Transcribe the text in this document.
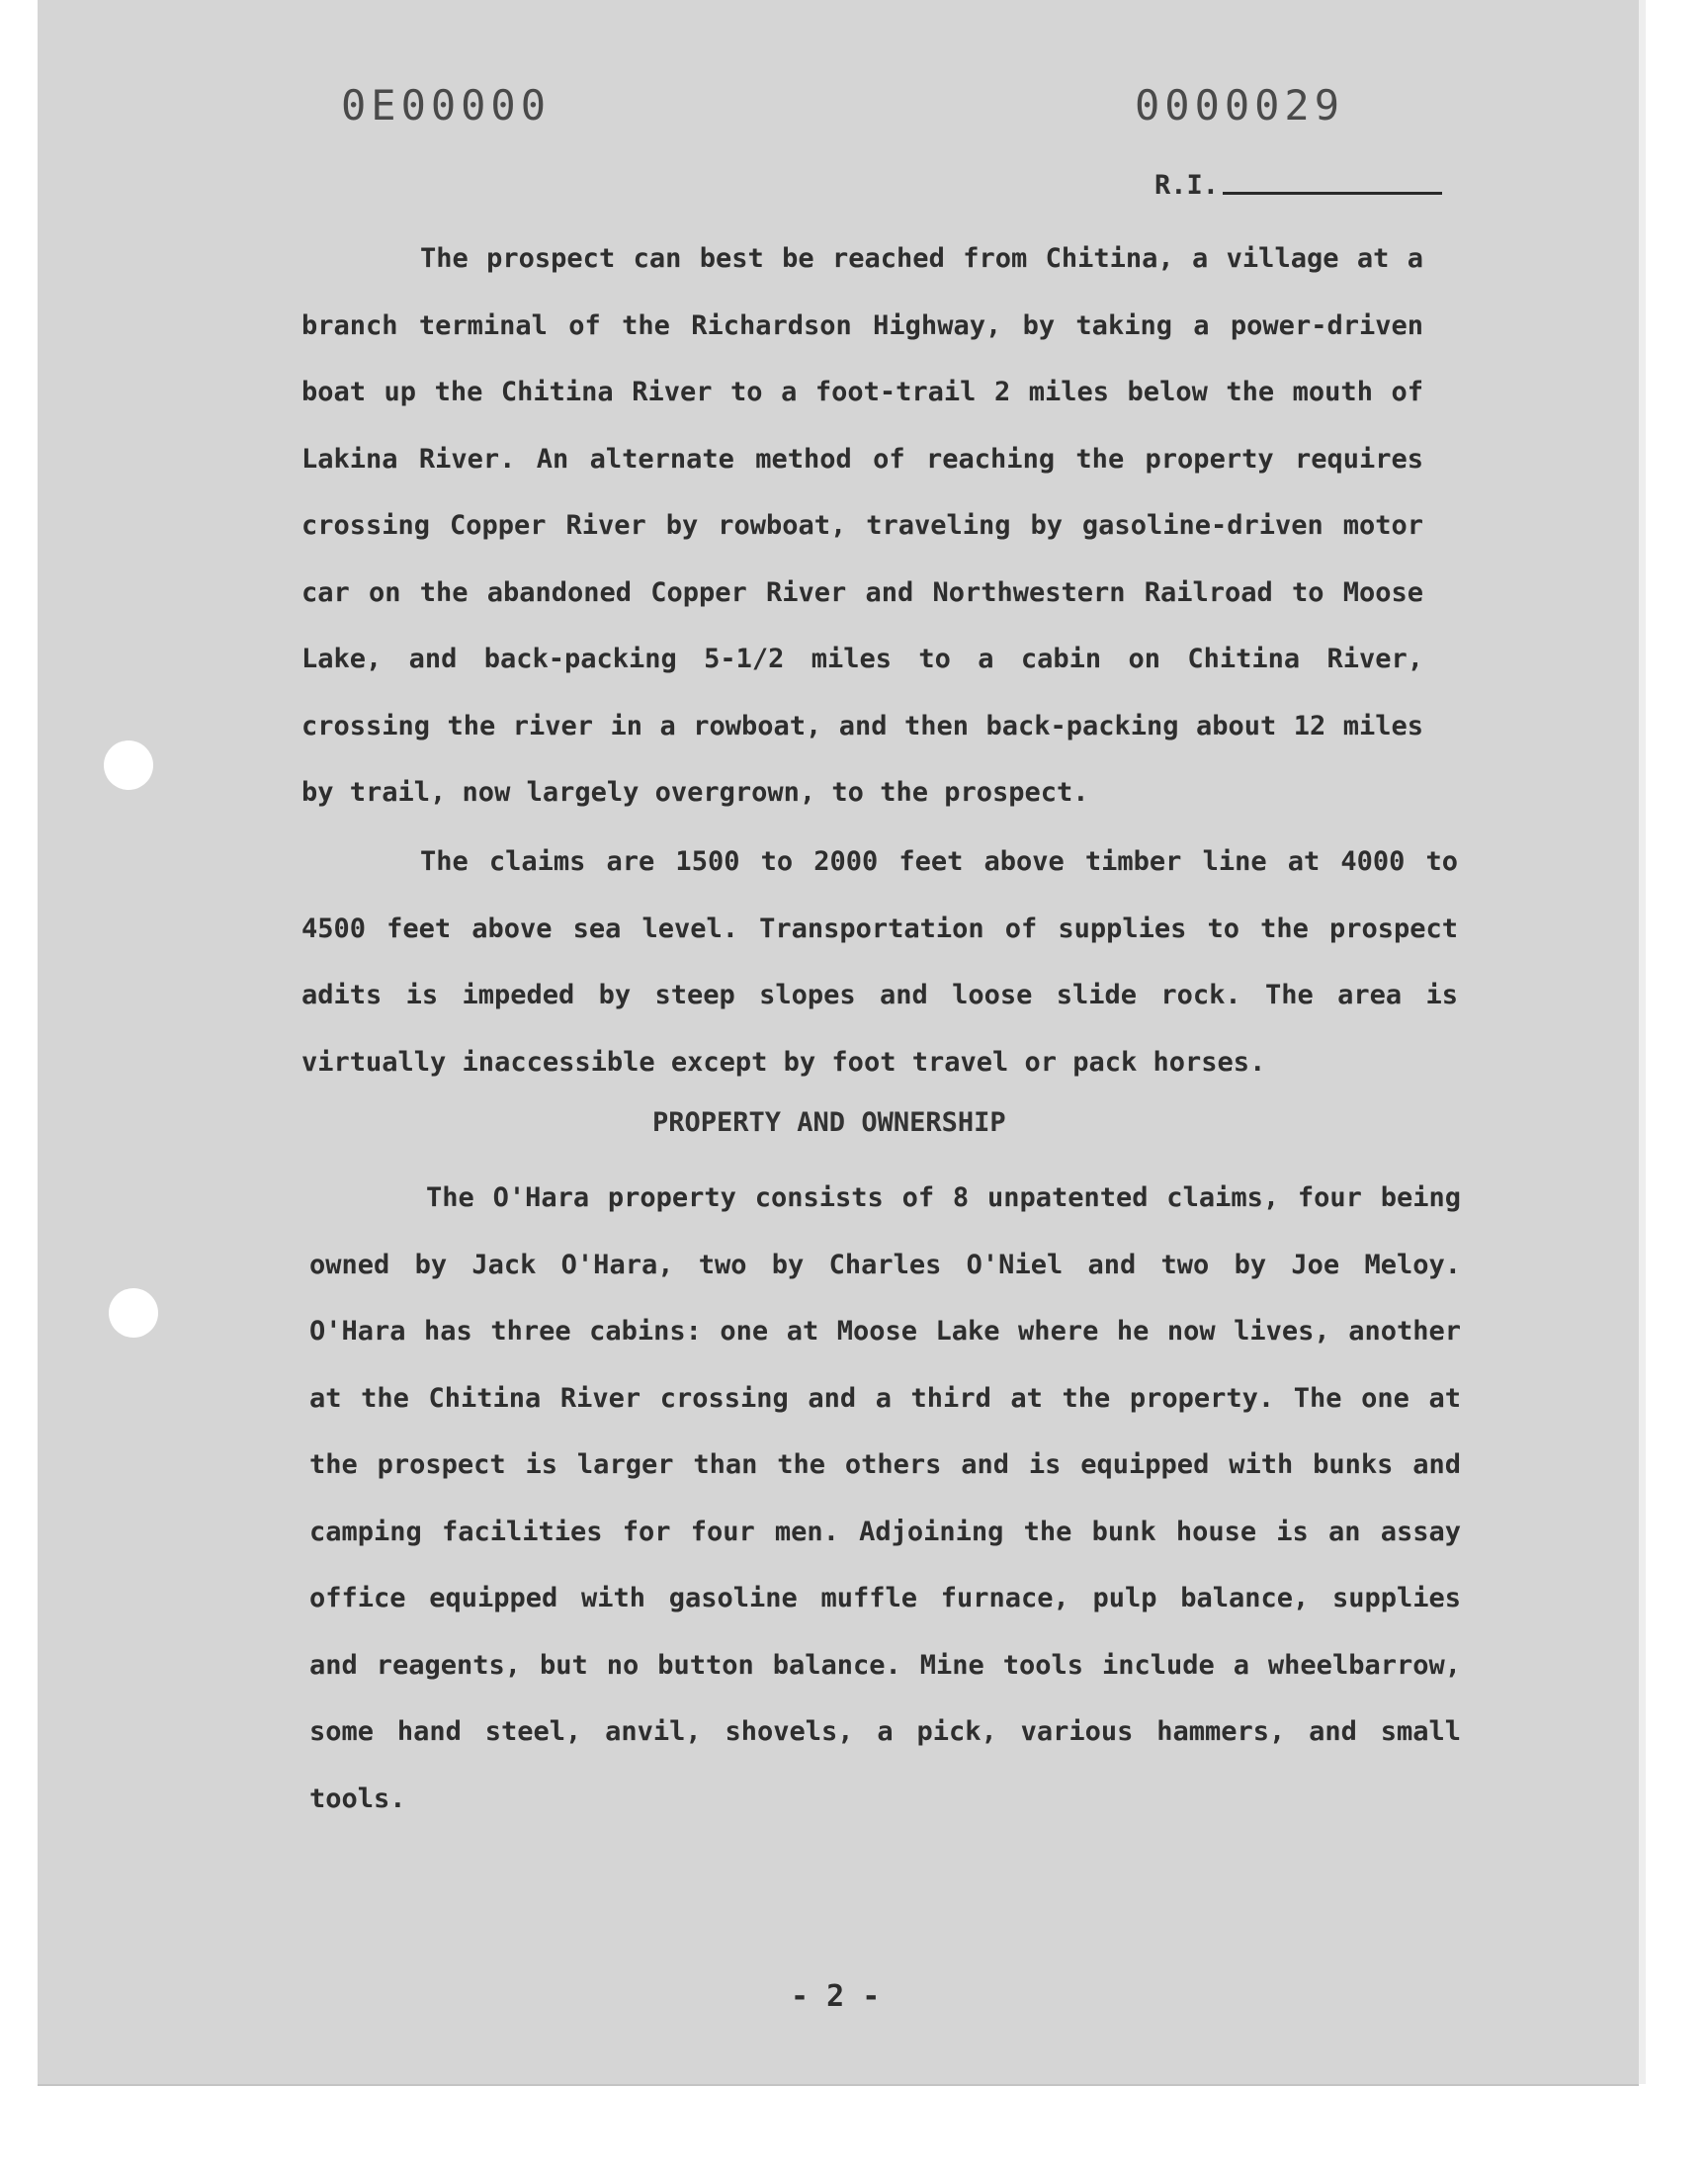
0E00000	0000029
R.I.

The prospect can best be reached from Chitina, a village at a branch terminal of the Richardson Highway, by taking a power-driven boat up the Chitina River to a foot-trail 2 miles below the mouth of Lakina River. An alternate method of reaching the property requires crossing Copper River by rowboat, traveling by gasoline-driven motor car on the abandoned Copper River and Northwestern Railroad to Moose Lake, and back-packing 5-1/2 miles to a cabin on Chitina River, crossing the river in a rowboat, and then back-packing about 12 miles by trail, now largely overgrown, to the prospect.

The claims are 1500 to 2000 feet above timber line at 4000 to 4500 feet above sea level. Transportation of supplies to the prospect adits is impeded by steep slopes and loose slide rock. The area is virtually inaccessible except by foot travel or pack horses.

PROPERTY AND OWNERSHIP

The O'Hara property consists of 8 unpatented claims, four being owned by Jack O'Hara, two by Charles O'Niel and two by Joe Meloy. O'Hara has three cabins: one at Moose Lake where he now lives, another at the Chitina River crossing and a third at the property. The one at the prospect is larger than the others and is equipped with bunks and camping facilities for four men. Adjoining the bunk house is an assay office equipped with gasoline muffle furnace, pulp balance, supplies and reagents, but no button balance. Mine tools include a wheelbarrow, some hand steel, anvil, shovels, a pick, various hammers, and small tools.

- 2 -
